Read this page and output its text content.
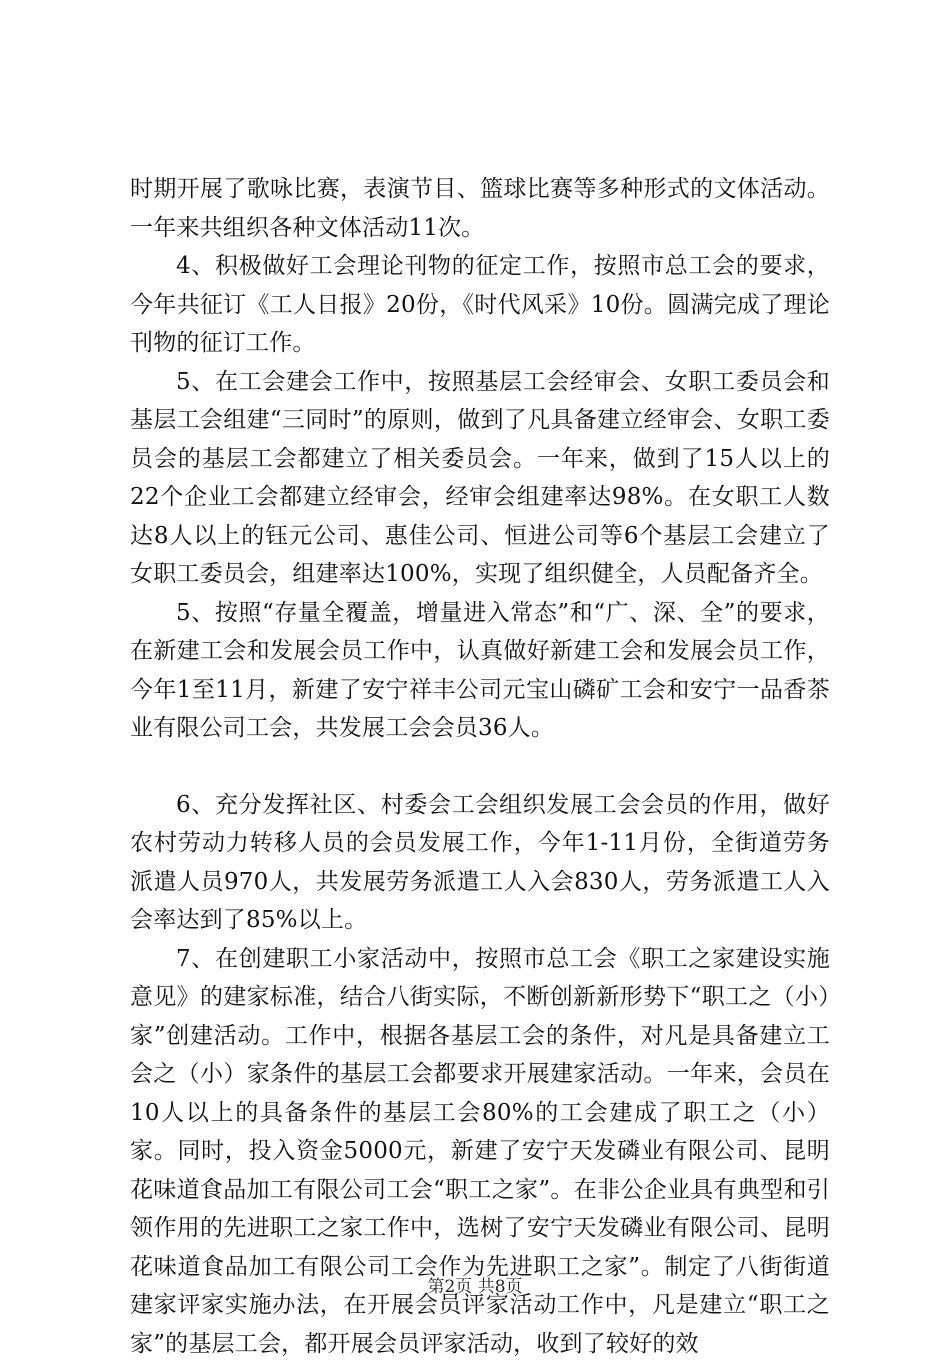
时期开展了歌咏比赛，表演节目、篮球比赛等多种形式的文体活动。一年来共组织各种文体活动11次。

4、积极做好工会理论刊物的征定工作，按照市总工会的要求，今年共征订《工人日报》20份，《时代风采》10份。圆满完成了理论刊物的征订工作。

5、在工会建会工作中，按照基层工会经审会、女职工委员会和基层工会组建“三同时”的原则，做到了凡具备建立经审会、女职工委员会的基层工会都建立了相关委员会。一年来，做到了15人以上的22个企业工会都建立经审会，经审会组建率达98%。在女职工人数达8人以上的钰元公司、惠佳公司、恒进公司等6个基层工会建立了女职工委员会，组建率达100%，实现了组织健全，人员配备齐全。

5、按照“存量全覆盖，增量进入常态”和“广、深、全”的要求，在新建工会和发展会员工作中，认真做好新建工会和发展会员工作，今年1至11月，新建了安宁祥丰公司元宝山磷矿工会和安宁一品香茶业有限公司工会，共发展工会会员36人。

6、充分发挥社区、村委会工会组织发展工会会员的作用，做好农村劳动力转移人员的会员发展工作，今年1-11月份，全街道劳务派遣人员970人，共发展劳务派遣工人入会830人，劳务派遣工人入会率达到了85%以上。

7、在创建职工小家活动中，按照市总工会《职工之家建设实施意见》的建家标准，结合八街实际，不断创新新形势下“职工之（小）家”创建活动。工作中，根据各基层工会的条件，对凡是具备建立工会之（小）家条件的基层工会都要求开展建家活动。一年来，会员在10人以上的具备条件的基层工会80%的工会建成了职工之（小）家。同时，投入资金5000元，新建了安宁天发磷业有限公司、昆明花味道食品加工有限公司工会“职工之家”。在非公企业具有典型和引领作用的先进职工之家工作中，选树了安宁天发磷业有限公司、昆明花味道食品加工有限公司工会作为先进职工之家”。制定了八街街道建家评家实施办法，在开展会员评家活动工作中，凡是建立“职工之家”的基层工会，都开展会员评家活动，收到了较好的效

第2页 共8页
